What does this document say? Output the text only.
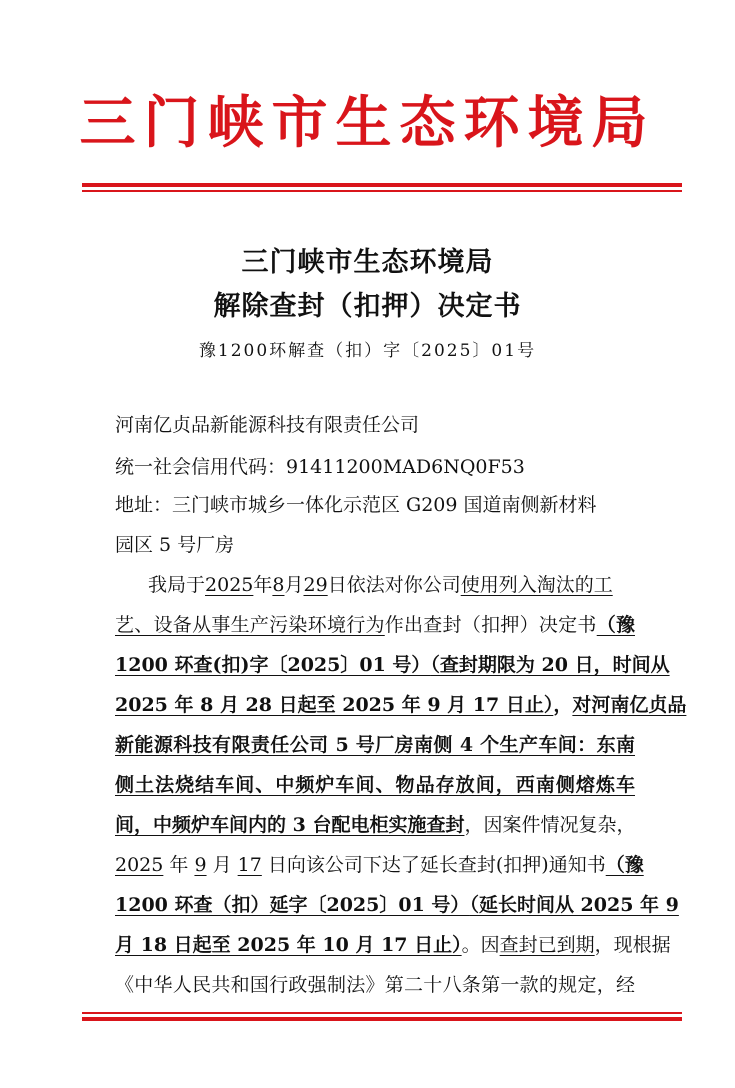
三门峡市生态环境局
三门峡市生态环境局
解除查封（扣押）决定书
豫1200环解查（扣）字〔2025〕01号
河南亿贞品新能源科技有限责任公司
统一社会信用代码：91411200MAD6NQ0F53
地址：三门峡市城乡一体化示范区 G209 国道南侧新材料
园区 5 号厂房
我局于2025年8月29日依法对你公司使用列入淘汰的工
艺、设备从事生产污染环境行为作出查封（扣押）决定书（豫
1200 环查(扣)字〔2025〕01 号）（查封期限为 20 日，时间从
2025 年 8 月 28 日起至 2025 年 9 月 17 日止），对河南亿贞品
新能源科技有限责任公司 5 号厂房南侧 4 个生产车间：东南
侧土法烧结车间、中频炉车间、物品存放间，西南侧熔炼车
间，中频炉车间内的 3 台配电柜实施查封，因案件情况复杂，
2025 年 9 月 17 日向该公司下达了延长查封(扣押)通知书（豫
1200 环查（扣）延字〔2025〕01 号）（延长时间从 2025 年 9
月 18 日起至 2025 年 10 月 17 日止）。因查封已到期，现根据
《中华人民共和国行政强制法》第二十八条第一款的规定，经
